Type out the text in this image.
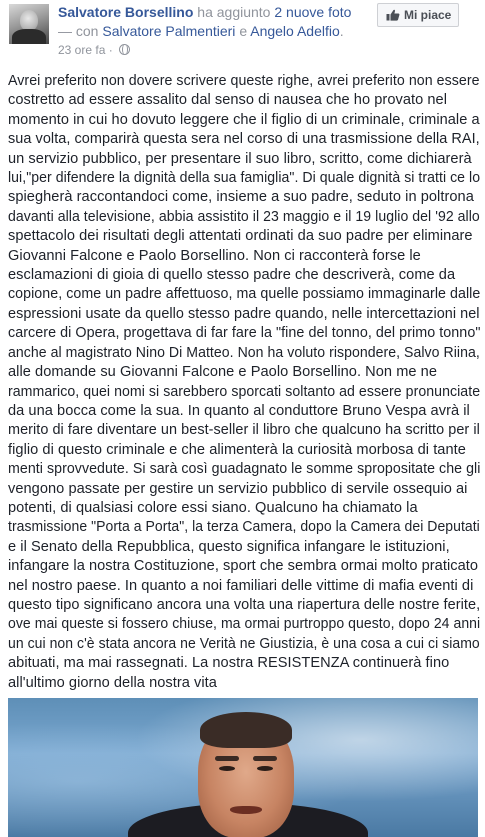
Salvatore Borsellino ha aggiunto 2 nuove foto
— con Salvatore Palmentieri e Angelo Adelfio.
23 ore fa ·
Mi piace
Avrei preferito non dovere scrivere queste righe, avrei preferito non essere
costretto ad essere assalito dal senso di nausea che ho provato nel
momento in cui ho dovuto leggere che il figlio di un criminale, criminale a sua volta, comparirà questa sera nel corso di una trasmissione della RAI,
un servizio pubblico, per presentare il suo libro, scritto, come dichiarerà
lui,"per difendere la dignità della sua famiglia". Di quale dignità si tratti ce lo
spiegherà raccontandoci come, insieme a suo padre, seduto in poltrona
davanti alla televisione, abbia assistito il 23 maggio e il 19 luglio del '92 allo
spettacolo dei risultati degli attentati ordinati da suo padre per eliminare
Giovanni Falcone e Paolo Borsellino. Non ci racconterà forse le
esclamazioni di gioia di quello stesso padre che descriverà, come da
copione, come un padre affettuoso, ma quelle possiamo immaginarle dalle espressioni usate da quello stesso padre quando, nelle intercettazioni nel carcere di Opera, progettava di far fare la "fine del tonno, del primo tonno" anche al magistrato Nino Di Matteo. Non ha voluto rispondere, Salvo Riina,
alle domande su Giovanni Falcone e Paolo Borsellino. Non me ne
rammarico, quei nomi si sarebbero sporcati soltanto ad essere pronunciate
da una bocca come la sua. In quanto al conduttore Bruno Vespa avrà il
merito di fare diventare un best-seller il libro che qualcuno ha scritto per il
figlio di questo criminale e che alimenterà la curiosità morbosa di tante
menti sprovvedute. Si sarà così guadagnato le somme spropositate che gli
vengono passate per gestire un servizio pubblico di servile ossequio ai
potenti, di qualsiasi colore essi siano. Qualcuno ha chiamato la
trasmissione "Porta a Porta", la terza Camera, dopo la Camera dei Deputati
e il Senato della Repubblica, questo significa infangare le istituzioni,
infangare la nostra Costituzione, sport che sembra ormai molto praticato
nel nostro paese. In quanto a noi familiari delle vittime di mafia eventi di
questo tipo significano ancora una volta una riapertura delle nostre ferite, ove mai queste si fossero chiuse, ma ormai purtroppo questo, dopo 24 anni un cui non c'è stata ancora ne Verità ne Giustizia, è una cosa a cui ci siamo
abituati, ma mai rassegnati. La nostra RESISTENZA continuerà fino
all'ultimo giorno della nostra vita
